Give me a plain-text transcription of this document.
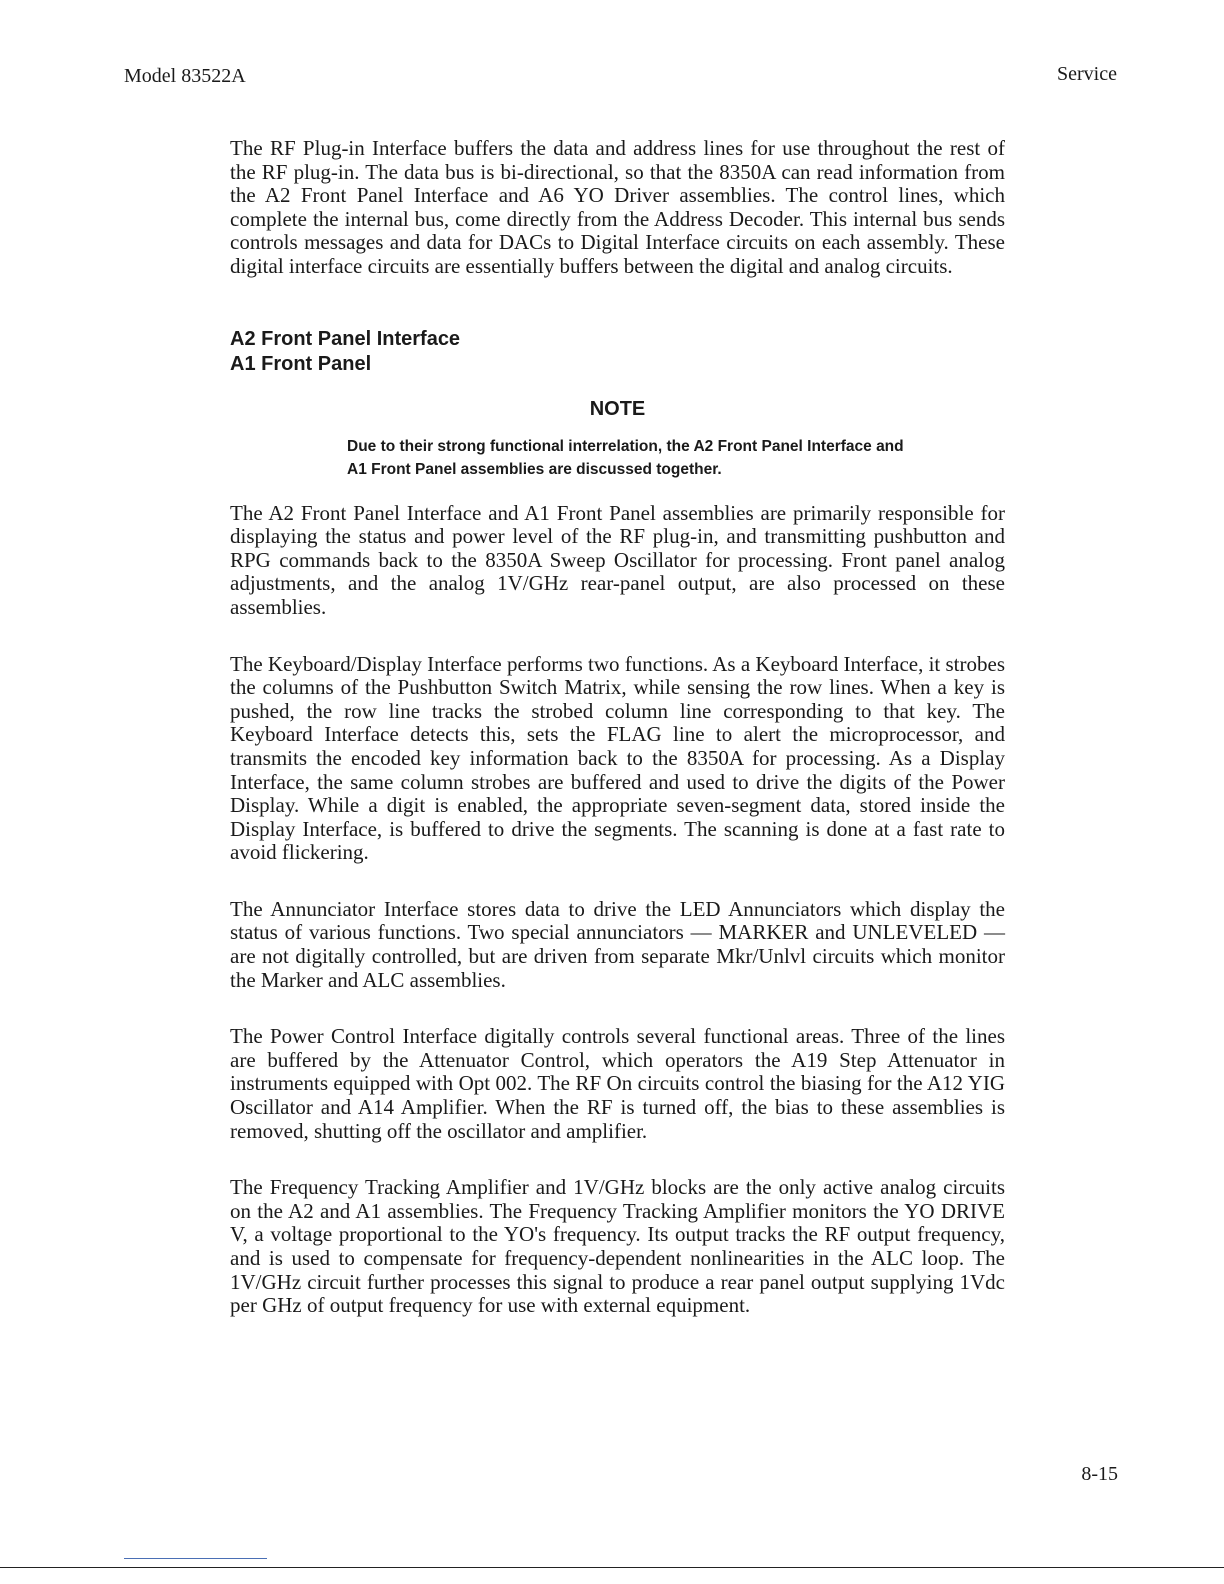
Model 83522A	Service

The RF Plug-in Interface buffers the data and address lines for use throughout the rest of the RF plug-in. The data bus is bi-directional, so that the 8350A can read information from the A2 Front Panel Interface and A6 YO Driver assemblies. The control lines, which complete the internal bus, come directly from the Address Decoder. This internal bus sends controls messages and data for DACs to Digital Interface circuits on each assembly. These digital interface circuits are essentially buffers between the digital and analog circuits.

A2 Front Panel Interface

A1 Front Panel

NOTE

Due to their strong functional interrelation, the A2 Front Panel Interface and A1 Front Panel assemblies are discussed together.

The A2 Front Panel Interface and A1 Front Panel assemblies are primarily responsible for displaying the status and power level of the RF plug-in, and transmitting pushbutton and RPG commands back to the 8350A Sweep Oscillator for processing. Front panel analog adjustments, and the analog 1V/GHz rear-panel output, are also processed on these assemblies.

The Keyboard/Display Interface performs two functions. As a Keyboard Interface, it strobes the columns of the Pushbutton Switch Matrix, while sensing the row lines. When a key is pushed, the row line tracks the strobed column line corresponding to that key. The Keyboard Interface detects this, sets the FLAG line to alert the microprocessor, and transmits the encoded key information back to the 8350A for processing. As a Display Interface, the same column strobes are buffered and used to drive the digits of the Power Display. While a digit is enabled, the appropriate seven-segment data, stored inside the Display Interface, is buffered to drive the segments. The scanning is done at a fast rate to avoid flickering.

The Annunciator Interface stores data to drive the LED Annunciators which display the status of various functions. Two special annunciators — MARKER and UNLEVELED — are not digitally controlled, but are driven from separate Mkr/Unlvl circuits which monitor the Marker and ALC assemblies.

The Power Control Interface digitally controls several functional areas. Three of the lines are buffered by the Attenuator Control, which operators the A19 Step Attenuator in instruments equipped with Opt 002. The RF On circuits control the biasing for the A12 YIG Oscillator and A14 Amplifier. When the RF is turned off, the bias to these assemblies is removed, shutting off the oscillator and amplifier.

The Frequency Tracking Amplifier and 1V/GHz blocks are the only active analog circuits on the A2 and A1 assemblies. The Frequency Tracking Amplifier monitors the YO DRIVE V, a voltage proportional to the YO's frequency. Its output tracks the RF output frequency, and is used to compensate for frequency-dependent nonlinearities in the ALC loop. The 1V/GHz circuit further processes this signal to produce a rear panel output supplying 1Vdc per GHz of output frequency for use with external equipment.

8-15
